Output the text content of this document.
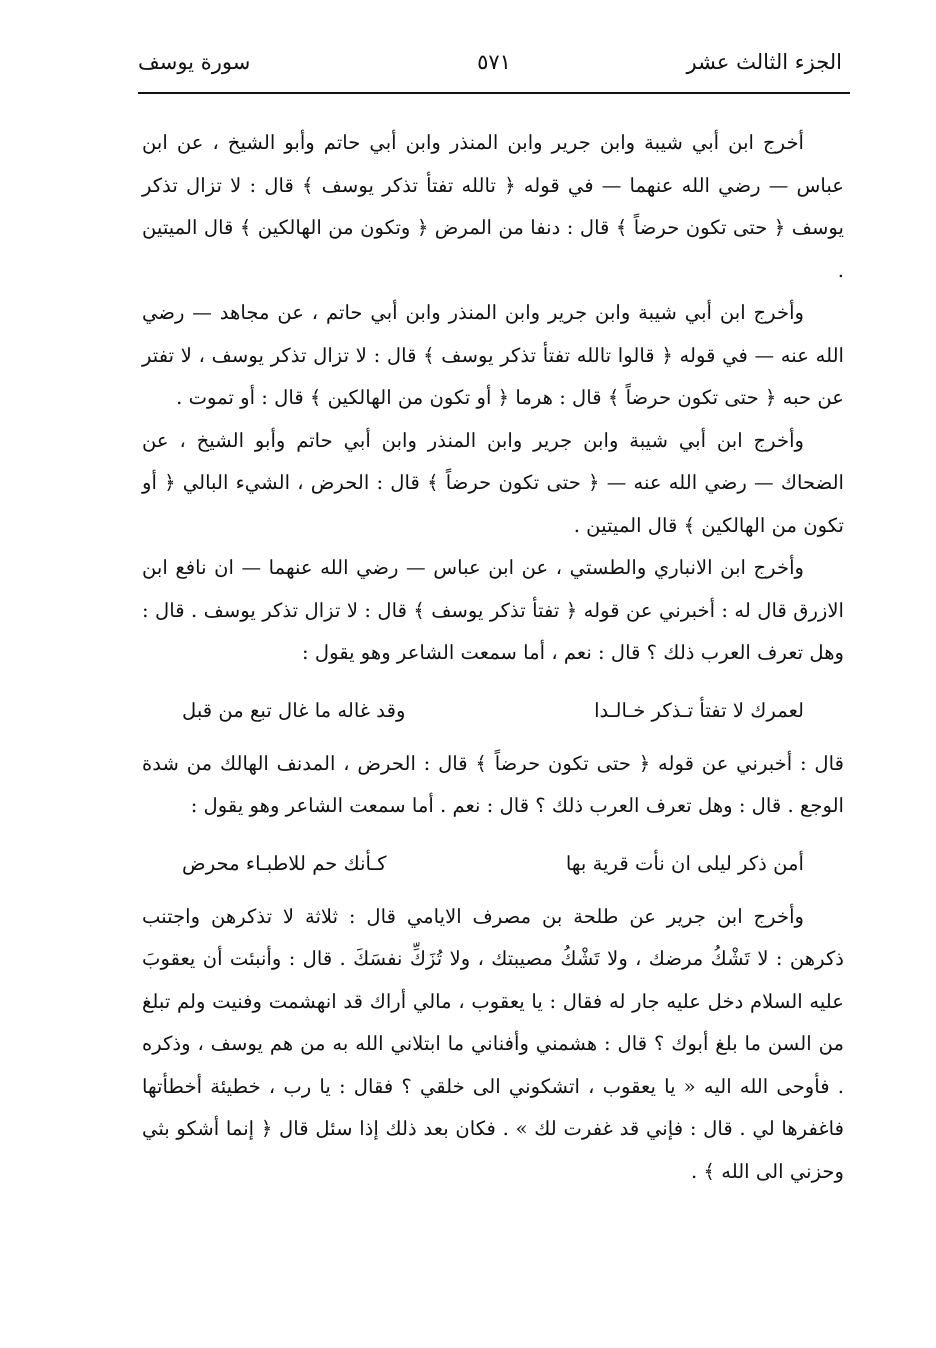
الجزء الثالث عشر
٥٧١
سورة يوسف

أخرج ابن أبي شيبة وابن جرير وابن المنذر وابن أبي حاتم وأبو الشيخ ، عن ابن عباس — رضي الله عنهما — في قوله ﴿ تالله تفتأ تذكر يوسف ﴾ قال : لا تزال تذكر يوسف ﴿ حتى تكون حرضاً ﴾ قال : دنفا من المرض ﴿ وتكون من الهالكين ﴾ قال الميتين .

وأخرج ابن أبي شيبة وابن جرير وابن المنذر وابن أبي حاتم ، عن مجاهد — رضي الله عنه — في قوله ﴿ قالوا تالله تفتأ تذكر يوسف ﴾ قال : لا تزال تذكر يوسف ، لا تفتر عن حبه ﴿ حتى تكون حرضاً ﴾ قال : هرما ﴿ أو تكون من الهالكين ﴾ قال : أو تموت .

وأخرج ابن أبي شيبة وابن جرير وابن المنذر وابن أبي حاتم وأبو الشيخ ، عن الضحاك — رضي الله عنه — ﴿ حتى تكون حرضاً ﴾ قال : الحرض ، الشيء البالي ﴿ أو تكون من الهالكين ﴾ قال الميتين .

وأخرج ابن الانباري والطستي ، عن ابن عباس — رضي الله عنهما — ان نافع ابن الازرق قال له : أخبرني عن قوله ﴿ تفتأ تذكر يوسف ﴾ قال : لا تزال تذكر يوسف . قال : وهل تعرف العرب ذلك ؟ قال : نعم ، أما سمعت الشاعر وهو يقول :

لعمرك لا تفتأ تـذكر خـالـدا
وقد غاله ما غال تبع من قبل

قال : أخبرني عن قوله ﴿ حتى تكون حرضاً ﴾ قال : الحرض ، المدنف الهالك من شدة الوجع . قال : وهل تعرف العرب ذلك ؟ قال : نعم . أما سمعت الشاعر وهو يقول :

أمن ذكر ليلى ان نأت قرية بها
كـأنك حم للاطبـاء محرض

وأخرج ابن جرير عن طلحة بن مصرف الايامي قال : ثلاثة لا تذكرهن واجتنب ذكرهن : لا تَشْكُ مرضك ، ولا تَشْكُ مصيبتك ، ولا تُزَكِّ نفسَكَ . قال : وأنبئت أن يعقوبَ عليه السلام دخل عليه جار له فقال : يا يعقوب ، مالي أراك قد انهشمت وفنيت ولم تبلغ من السن ما بلغ أبوك ؟ قال : هشمني وأفناني ما ابتلاني الله به من هم يوسف ، وذكره . فأوحى الله اليه « يا يعقوب ، اتشكوني الى خلقي ؟ فقال : يا رب ، خطيئة أخطأتها فاغفرها لي . قال : فإني قد غفرت لك » . فكان بعد ذلك إذا سئل قال ﴿ إنما أشكو بثي وحزني الى الله ﴾ .
